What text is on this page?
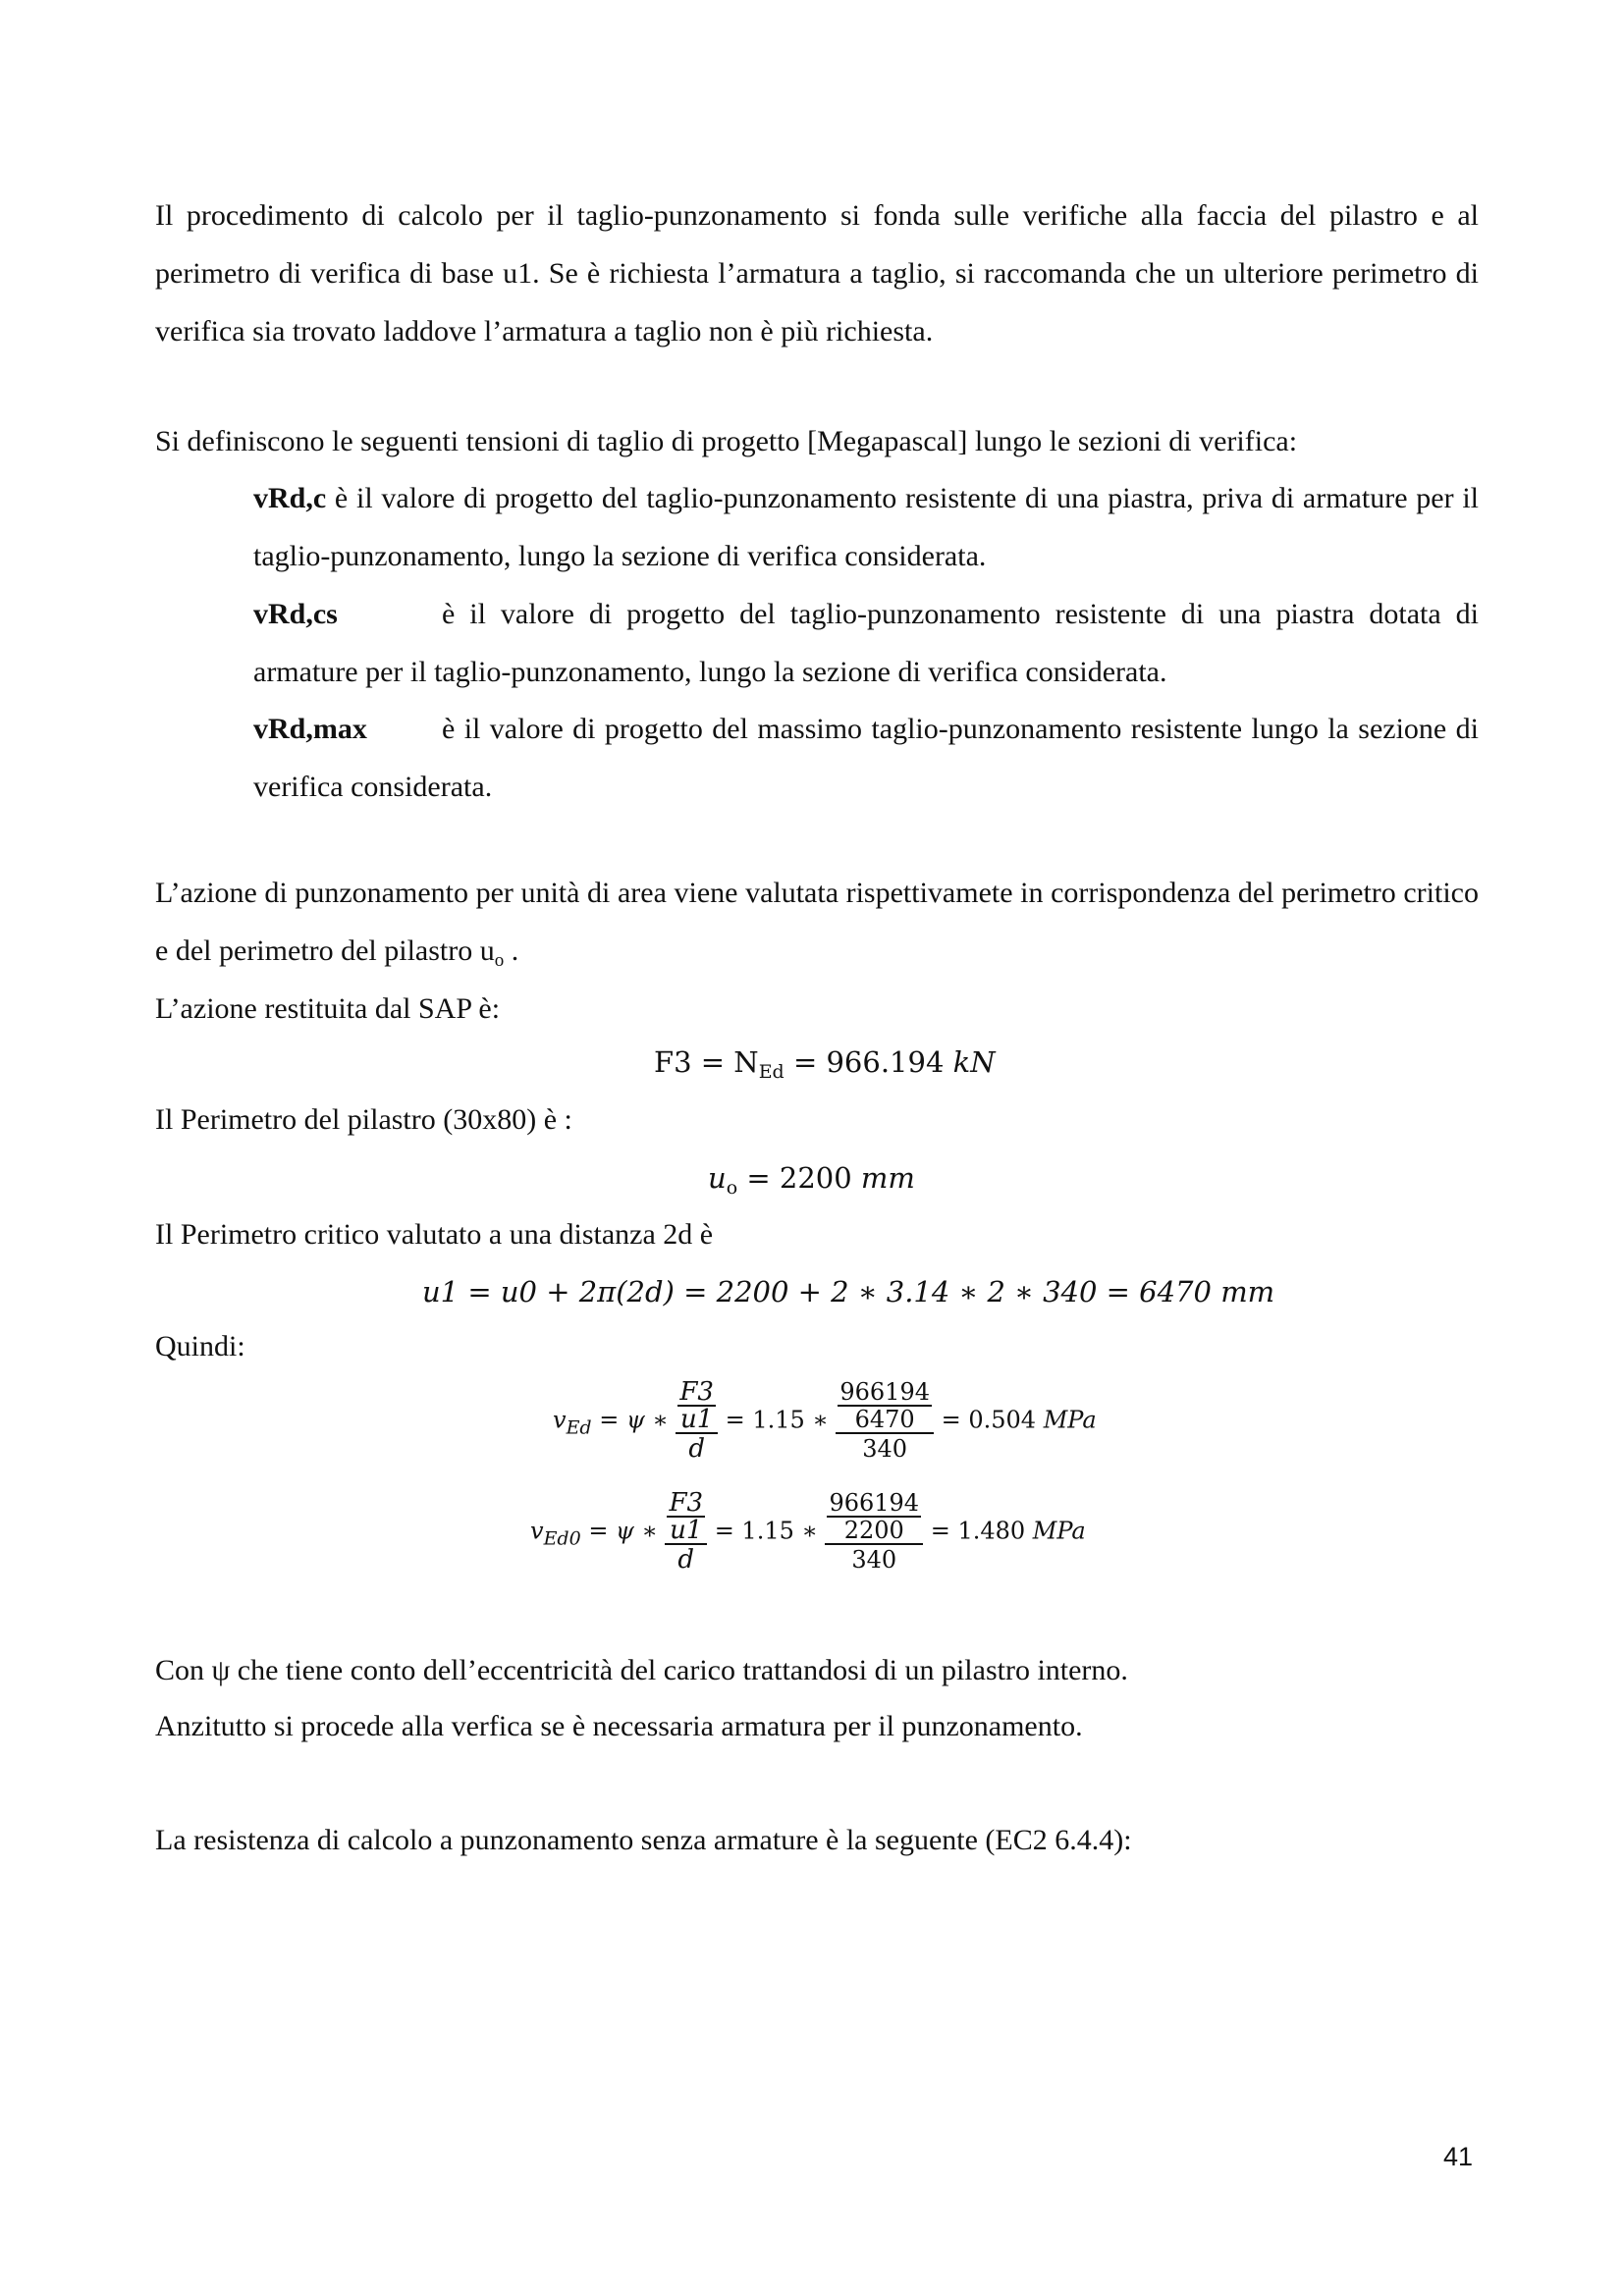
Il procedimento di calcolo per il taglio-punzonamento si fonda sulle verifiche alla faccia del pilastro e al perimetro di verifica di base u1. Se è richiesta l’armatura a taglio, si raccomanda che un ulteriore perimetro di verifica sia trovato laddove l’armatura a taglio non è più richiesta.

Si definiscono le seguenti tensioni di taglio di progetto [Megapascal] lungo le sezioni di verifica:

vRd,c è il valore di progetto del taglio-punzonamento resistente di una piastra, priva di armature per il taglio-punzonamento, lungo la sezione di verifica considerata.

vRd,cs	è il valore di progetto del taglio-punzonamento resistente di una piastra dotata di armature per il taglio-punzonamento, lungo la sezione di verifica considerata.

vRd,max	è il valore di progetto del massimo taglio-punzonamento resistente lungo la sezione di verifica considerata.

L’azione di punzonamento per unità di area viene valutata rispettivamete in corrispondenza del perimetro critico e del perimetro del pilastro $u_o$ .

L’azione restituita dal SAP è:

$F3 = N_{Ed} = 966.194$ kN

Il Perimetro del pilastro (30x80) è :

$u_o = 2200$ mm

Il Perimetro critico valutato a una distanza 2d è

u1 = u0 + 2π(2d) = 2200 + 2 ∗ 3.14 ∗ 2 ∗ 340 = 6470 mm

Quindi:

$v_{Ed} = \psi$ ∗ $\frac{\frac{F3}{u1}}{d} = 1.15$ ∗ $\frac{\frac{966194}{6470}}{340} = 0.504$ MPa
$v_{Ed0} = \psi$ ∗ $\frac{\frac{F3}{u1}}{d} = 1.15$ ∗ $\frac{\frac{966194}{2200}}{340} = 1.480$ MPa

Con ψ che tiene conto dell’eccentricità del carico trattandosi di un pilastro interno.

Anzitutto si procede alla verfica se è necessaria armatura per il punzonamento.

La resistenza di calcolo a punzonamento senza armature è la seguente (EC2 6.4.4):

41
